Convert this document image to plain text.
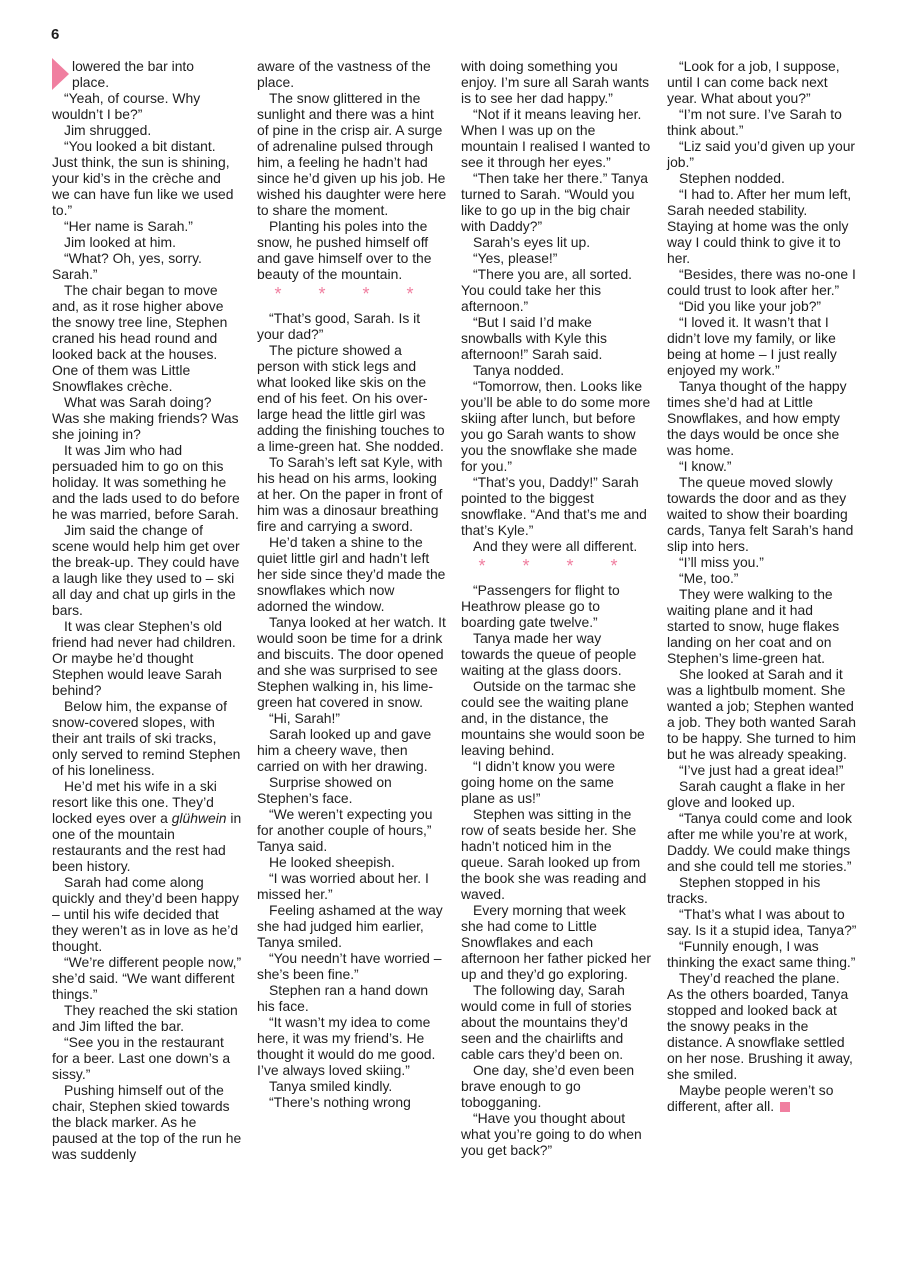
6
lowered the bar into
place.

“Yeah, of course. Why wouldn’t I be?”

Jim shrugged.

“You looked a bit distant. Just think, the sun is shining, your kid’s in the crèche and we can have fun like we used to.”

“Her name is Sarah.”

Jim looked at him.

“What? Oh, yes, sorry. Sarah.”

The chair began to move and, as it rose higher above the snowy tree line, Stephen craned his head round and looked back at the houses. One of them was Little Snowflakes crèche.

What was Sarah doing? Was she making friends? Was she joining in?

It was Jim who had persuaded him to go on this holiday. It was something he and the lads used to do before he was married, before Sarah.

Jim said the change of scene would help him get over the break-up. They could have a laugh like they used to – ski all day and chat up girls in the bars.

It was clear Stephen’s old friend had never had children. Or maybe he’d thought Stephen would leave Sarah behind?

Below him, the expanse of snow-covered slopes, with their ant trails of ski tracks, only served to remind Stephen of his loneliness.

He’d met his wife in a ski resort like this one. They’d locked eyes over a glühwein in one of the mountain restaurants and the rest had been history.

Sarah had come along quickly and they’d been happy – until his wife decided that they weren’t as in love as he’d thought.

“We’re different people now,” she’d said. “We want different things.”

They reached the ski station and Jim lifted the bar.

“See you in the restaurant for a beer. Last one down’s a sissy.”

Pushing himself out of the chair, Stephen skied towards the black marker. As he paused at the top of the run he was suddenly

aware of the vastness of the place.

The snow glittered in the sunlight and there was a hint of pine in the crisp air. A surge of adrenaline pulsed through him, a feeling he hadn’t had since he’d given up his job. He wished his daughter were here to share the moment.

Planting his poles into the snow, he pushed himself off and gave himself over to the beauty of the mountain.

* * * *

“That’s good, Sarah. Is it your dad?”

The picture showed a person with stick legs and what looked like skis on the end of his feet. On his over-large head the little girl was adding the finishing touches to a lime-green hat. She nodded.

To Sarah’s left sat Kyle, with his head on his arms, looking at her. On the paper in front of him was a dinosaur breathing fire and carrying a sword.

He’d taken a shine to the quiet little girl and hadn’t left her side since they’d made the snowflakes which now adorned the window.

Tanya looked at her watch. It would soon be time for a drink and biscuits. The door opened and she was surprised to see Stephen walking in, his lime-green hat covered in snow.

“Hi, Sarah!”

Sarah looked up and gave him a cheery wave, then carried on with her drawing.

Surprise showed on Stephen’s face.

“We weren’t expecting you for another couple of hours,” Tanya said.

He looked sheepish.

“I was worried about her. I missed her.”

Feeling ashamed at the way she had judged him earlier, Tanya smiled.

“You needn’t have worried – she’s been fine.”

Stephen ran a hand down his face.

“It wasn’t my idea to come here, it was my friend’s. He thought it would do me good. I’ve always loved skiing.”

Tanya smiled kindly.

“There’s nothing wrong

with doing something you enjoy. I’m sure all Sarah wants is to see her dad happy.”

“Not if it means leaving her. When I was up on the mountain I realised I wanted to see it through her eyes.”

“Then take her there.” Tanya turned to Sarah. “Would you like to go up in the big chair with Daddy?”

Sarah’s eyes lit up.

“Yes, please!”

“There you are, all sorted. You could take her this afternoon.”

“But I said I’d make snowballs with Kyle this afternoon!” Sarah said.

Tanya nodded.

“Tomorrow, then. Looks like you’ll be able to do some more skiing after lunch, but before you go Sarah wants to show you the snowflake she made for you.”

“That’s you, Daddy!” Sarah pointed to the biggest snowflake. “And that’s me and that’s Kyle.”

And they were all different.

* * * *

“Passengers for flight to Heathrow please go to boarding gate twelve.”

Tanya made her way towards the queue of people waiting at the glass doors.

Outside on the tarmac she could see the waiting plane and, in the distance, the mountains she would soon be leaving behind.

“I didn’t know you were going home on the same plane as us!”

Stephen was sitting in the row of seats beside her. She hadn’t noticed him in the queue. Sarah looked up from the book she was reading and waved.

Every morning that week she had come to Little Snowflakes and each afternoon her father picked her up and they’d go exploring.

The following day, Sarah would come in full of stories about the mountains they’d seen and the chairlifts and cable cars they’d been on.

One day, she’d even been brave enough to go tobogganing.

“Have you thought about what you’re going to do when you get back?”

“Look for a job, I suppose, until I can come back next year. What about you?”

“I’m not sure. I’ve Sarah to think about.”

“Liz said you’d given up your job.”

Stephen nodded.

“I had to. After her mum left, Sarah needed stability. Staying at home was the only way I could think to give it to her.

“Besides, there was no-one I could trust to look after her.”

“Did you like your job?”

“I loved it. It wasn’t that I didn’t love my family, or like being at home – I just really enjoyed my work.”

Tanya thought of the happy times she’d had at Little Snowflakes, and how empty the days would be once she was home.

“I know.”

The queue moved slowly towards the door and as they waited to show their boarding cards, Tanya felt Sarah’s hand slip into hers.

“I’ll miss you.”

“Me, too.”

They were walking to the waiting plane and it had started to snow, huge flakes landing on her coat and on Stephen’s lime-green hat.

She looked at Sarah and it was a lightbulb moment. She wanted a job; Stephen wanted a job. They both wanted Sarah to be happy. She turned to him but he was already speaking.

“I’ve just had a great idea!”

Sarah caught a flake in her glove and looked up.

“Tanya could come and look after me while you’re at work, Daddy. We could make things and she could tell me stories.”

Stephen stopped in his tracks.

“That’s what I was about to say. Is it a stupid idea, Tanya?”

“Funnily enough, I was thinking the exact same thing.”

They’d reached the plane. As the others boarded, Tanya stopped and looked back at the snowy peaks in the distance. A snowflake settled on her nose. Brushing it away, she smiled.

Maybe people weren’t so different, after all.
